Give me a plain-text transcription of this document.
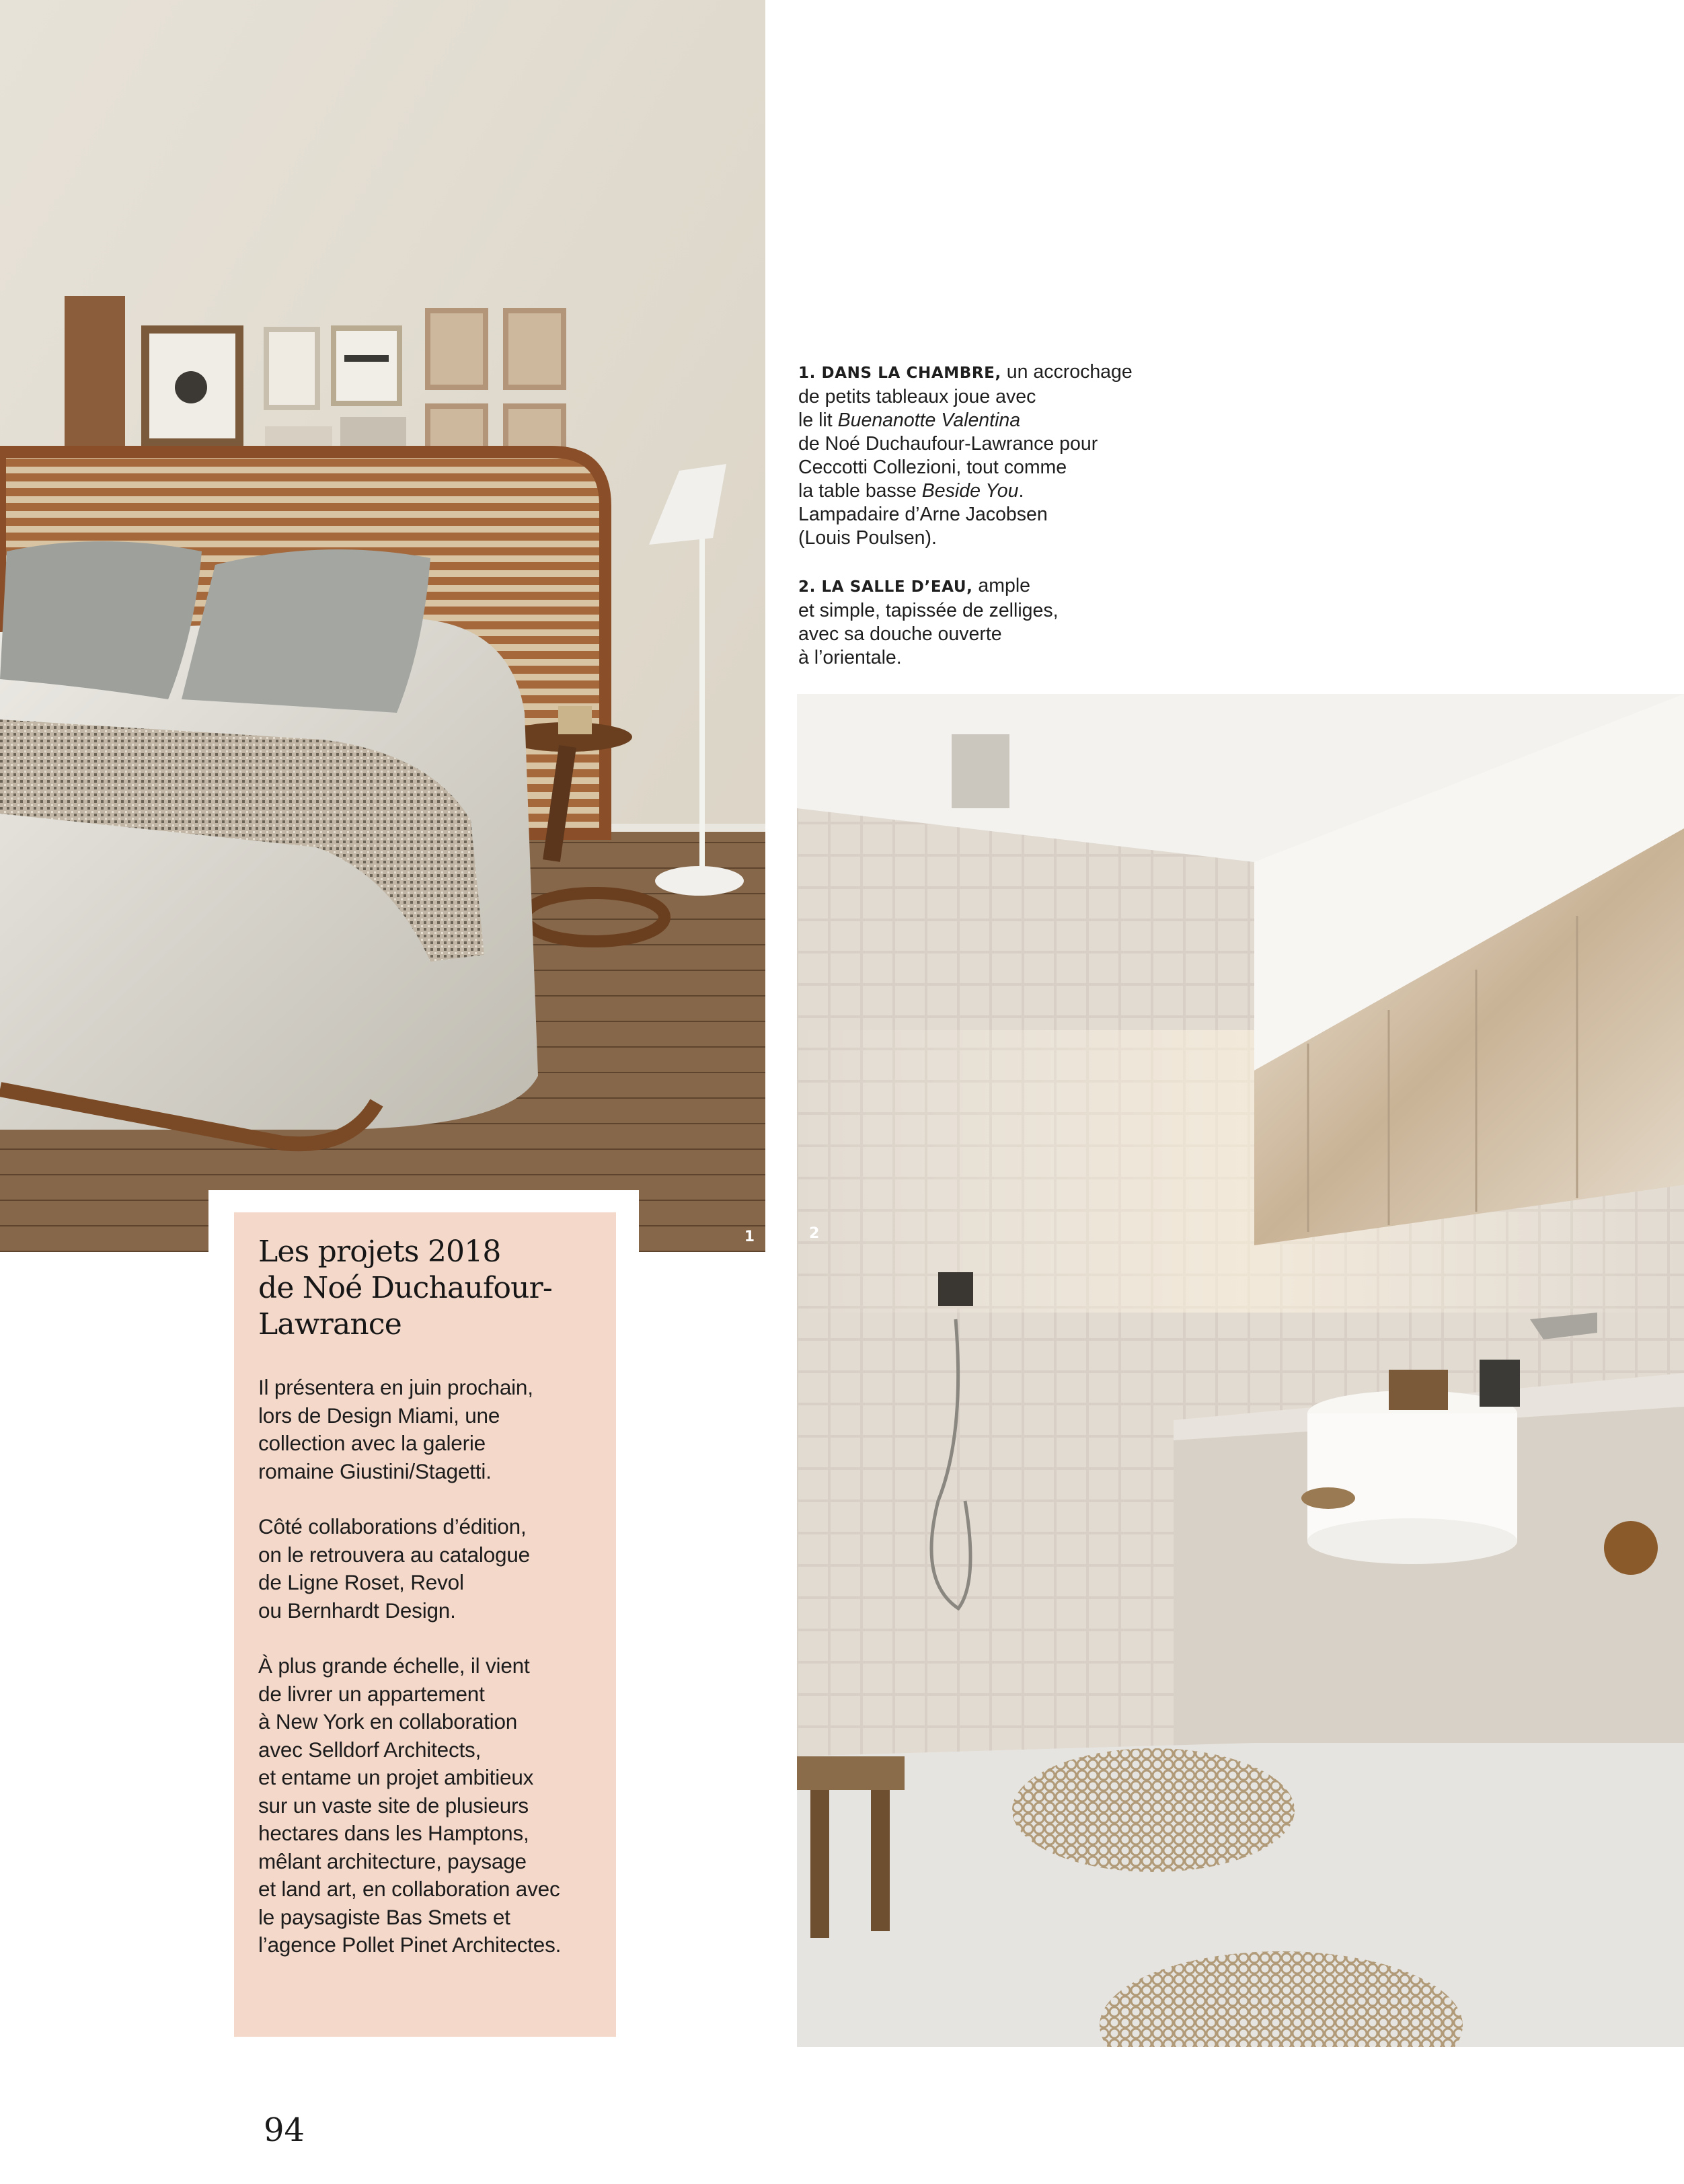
1

1. DANS LA CHAMBRE, un accrochage
de petits tableaux joue avec
le lit Buenanotte Valentina
de Noé Duchaufour-Lawrance pour
Ceccotti Collezioni, tout comme
la table basse Beside You.
Lampadaire d’Arne Jacobsen
(Louis Poulsen).

2. LA SALLE D’EAU, ample
et simple, tapissée de zelliges,
avec sa douche ouverte
à l’orientale.

2
Les projets 2018
de Noé Duchaufour-
Lawrance

Il présentera en juin prochain,
lors de Design Miami, une
collection avec la galerie
romaine Giustini/Stagetti.

Côté collaborations d’édition,
on le retrouvera au catalogue
de Ligne Roset, Revol
ou Bernhardt Design.

À plus grande échelle, il vient
de livrer un appartement
à New York en collaboration
avec Selldorf Architects,
et entame un projet ambitieux
sur un vaste site de plusieurs
hectares dans les Hamptons,
mêlant architecture, paysage
et land art, en collaboration avec
le paysagiste Bas Smets et
l’agence Pollet Pinet Architectes.

94
